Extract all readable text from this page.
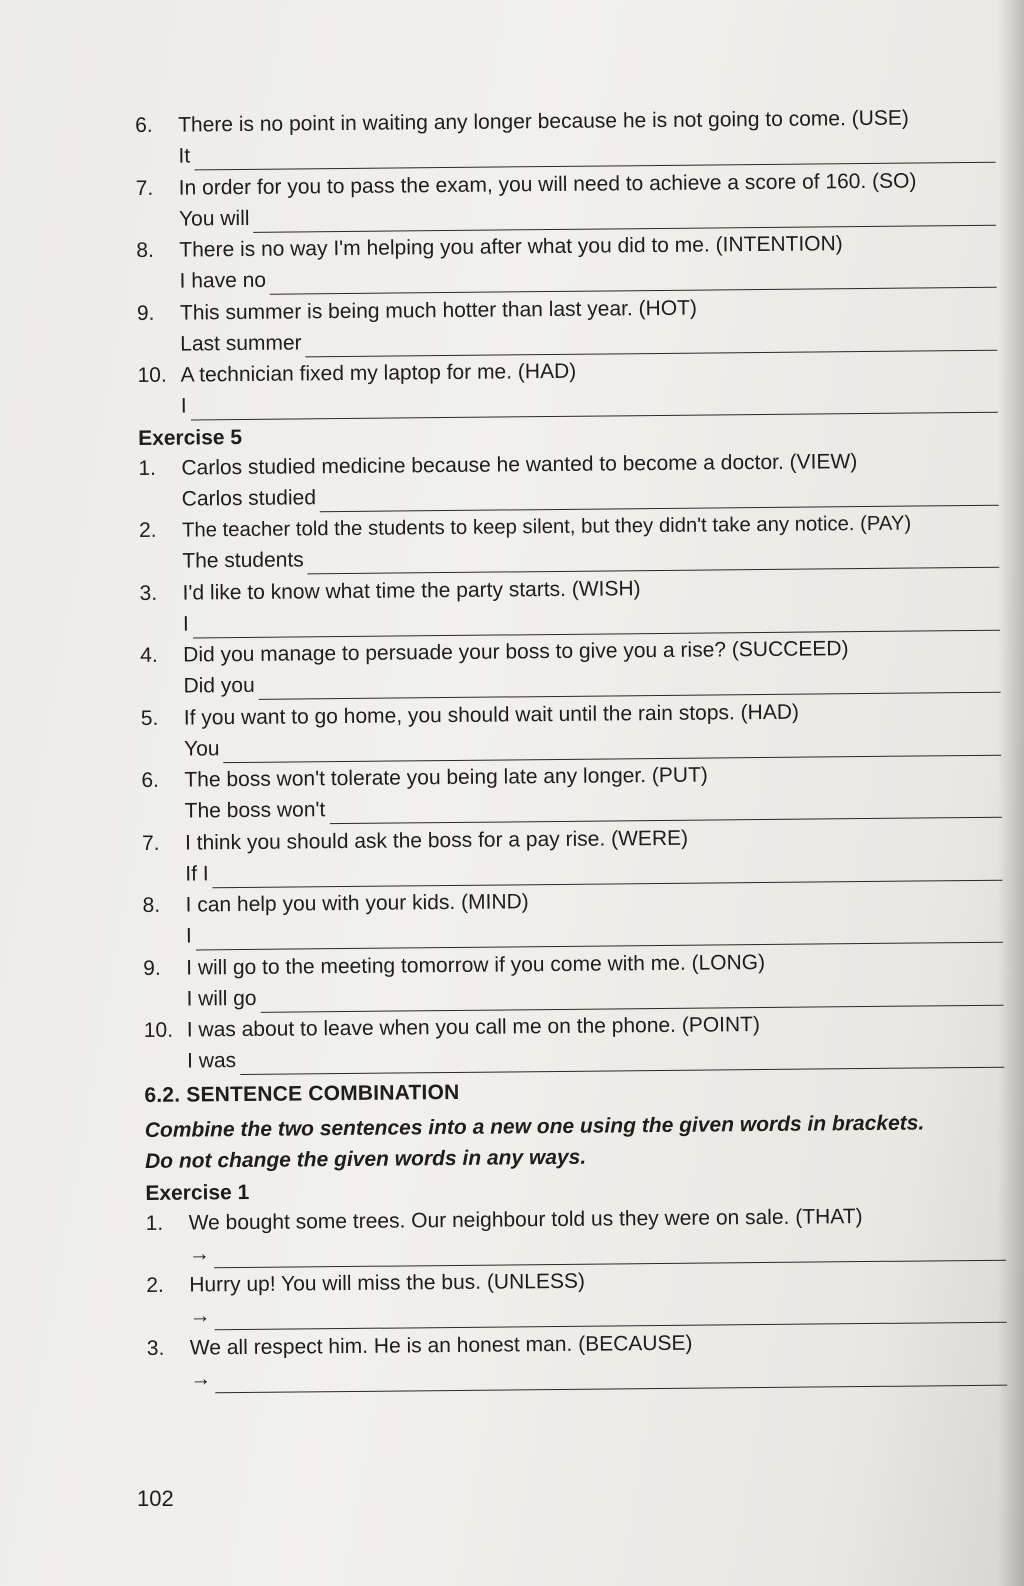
6.	There is no point in waiting any longer because he is not going to come. (USE)
It
7.	In order for you to pass the exam, you will need to achieve a score of 160. (SO)
You will
8.	There is no way I'm helping you after what you did to me. (INTENTION)
I have no
9.	This summer is being much hotter than last year. (HOT)
Last summer
10. A technician fixed my laptop for me. (HAD)
I
Exercise 5
1.	Carlos studied medicine because he wanted to become a doctor. (VIEW)
Carlos studied
2.	The teacher told the students to keep silent, but they didn't take any notice. (PAY)
The students
3.	I'd like to know what time the party starts. (WISH)
I
4.	Did you manage to persuade your boss to give you a rise? (SUCCEED)
Did you
5.	If you want to go home, you should wait until the rain stops. (HAD)
You
6.	The boss won't tolerate you being late any longer. (PUT)
The boss won't
7.	I think you should ask the boss for a pay rise. (WERE)
If I
8.	I can help you with your kids. (MIND)
I
9.	I will go to the meeting tomorrow if you come with me. (LONG)
I will go
10. I was about to leave when you call me on the phone. (POINT)
I was
6.2. SENTENCE COMBINATION
Combine the two sentences into a new one using the given words in brackets. Do not change the given words in any ways.
Exercise 1
1.	We bought some trees. Our neighbour told us they were on sale. (THAT)
→
2.	Hurry up! You will miss the bus. (UNLESS)
→
3.	We all respect him. He is an honest man. (BECAUSE)
→
102
